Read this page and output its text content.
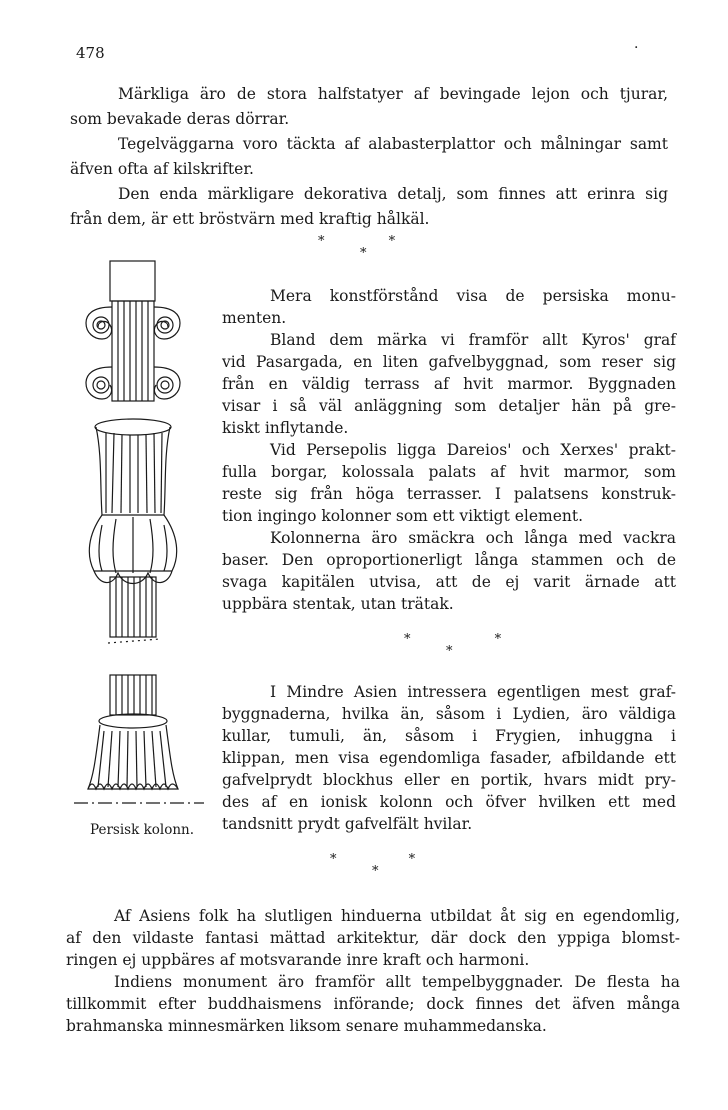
478	·

Märkliga äro de stora halfstatyer af bevingade lejon och tjurar,

som bevakade deras dörrar.

Tegelväggarna voro täckta af alabasterplattor och målningar samt

äfven ofta af kilskrifter.

Den enda märkligare dekorativa detalj, som finnes att erinra sig

från dem, är ett bröstvärn med kraftig hålkäl.

* *
*
Persisk kolonn.

Mera konstförstånd visa de persiska monu-

menten.

Bland dem märka vi framför allt Kyros' graf

vid Pasargada, en liten gafvelbyggnad, som reser sig

från en väldig terrass af hvit marmor. Byggnaden

visar i så väl anläggning som detaljer hän på gre-

kiskt inflytande.

Vid Persepolis ligga Dareios' och Xerxes' prakt-

fulla borgar, kolossala palats af hvit marmor, som

reste sig från höga terrasser. I palatsens konstruk-

tion ingingo kolonner som ett viktigt element.

Kolonnerna äro smäckra och långa med vackra

baser. Den oproportionerligt långa stammen och de

svaga kapitälen utvisa, att de ej varit ärnade att

uppbära stentak, utan trätak.

* *
*

I Mindre Asien intressera egentligen mest graf-

byggnaderna, hvilka än, såsom i Lydien, äro väldiga

kullar, tumuli, än, såsom i Frygien, inhuggna i

klippan, men visa egendomliga fasader, afbildande ett

gafvelprydt blockhus eller en portik, hvars midt pry-

des af en ionisk kolonn och öfver hvilken ett med

tandsnitt prydt gafvelfält hvilar.

* *
*

Af Asiens folk ha slutligen hinduerna utbildat åt sig en egendomlig,

af den vildaste fantasi mättad arkitektur, där dock den yppiga blomst-

ringen ej uppbäres af motsvarande inre kraft och harmoni.

Indiens monument äro framför allt tempelbyggnader. De flesta ha

tillkommit efter buddhaismens införande; dock finnes det äfven många

brahmanska minnesmärken liksom senare muhammedanska.
